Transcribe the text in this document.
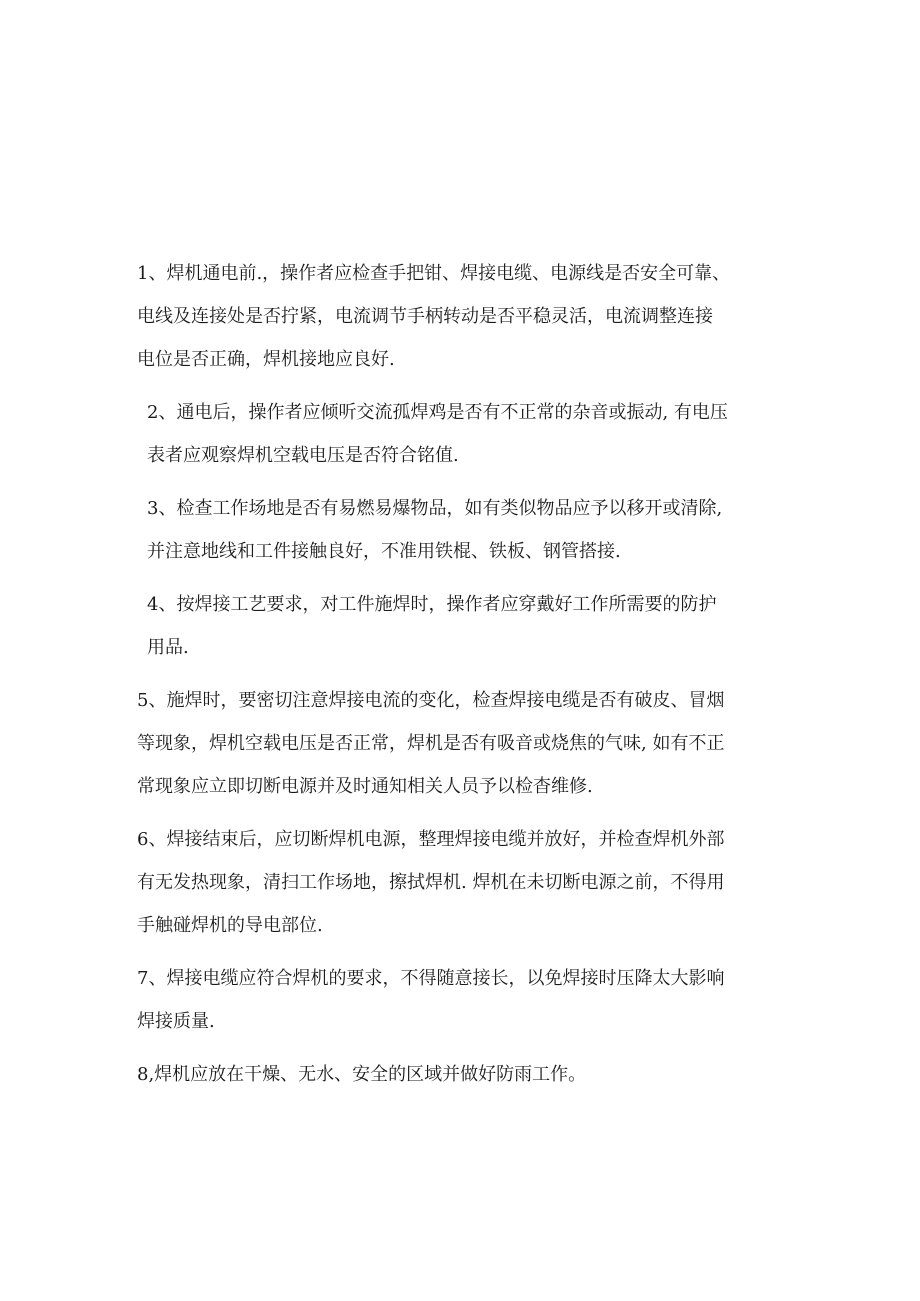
1、焊机通电前.，操作者应检查手把钳、焊接电缆、电源线是否安全可靠、
电线及连接处是否拧紧，电流调节手柄转动是否平稳灵活，电流调整连接
电位是否正确，焊机接地应良好.

2、通电后，操作者应倾听交流孤焊鸡是否有不正常的杂音或振动, 有电压
表者应观察焊机空载电压是否符合铭值.

3、检查工作场地是否有易燃易爆物品，如有类似物品应予以移开或清除,
并注意地线和工件接触良好，不准用铁棍、铁板、钢管搭接.

4、按焊接工艺要求，对工件施焊时，操作者应穿戴好工作所需要的防护
用品.

5、施焊时，要密切注意焊接电流的变化，检查焊接电缆是否有破皮、冒烟
等现象，焊机空载电压是否正常，焊机是否有吸音或烧焦的气味, 如有不正
常现象应立即切断电源并及时通知相关人员予以检杳维修.

6、焊接结束后，应切断焊机电源，整理焊接电缆并放好，并检查焊机外部
有无发热现象，清扫工作场地，擦拭焊机. 焊机在未切断电源之前，不得用
手触碰焊机的导电部位.

7、焊接电缆应符合焊机的要求，不得随意接长，以免焊接时压降太大影响
焊接质量.

8,焊机应放在干燥、无水、安全的区域并做好防雨工作。
